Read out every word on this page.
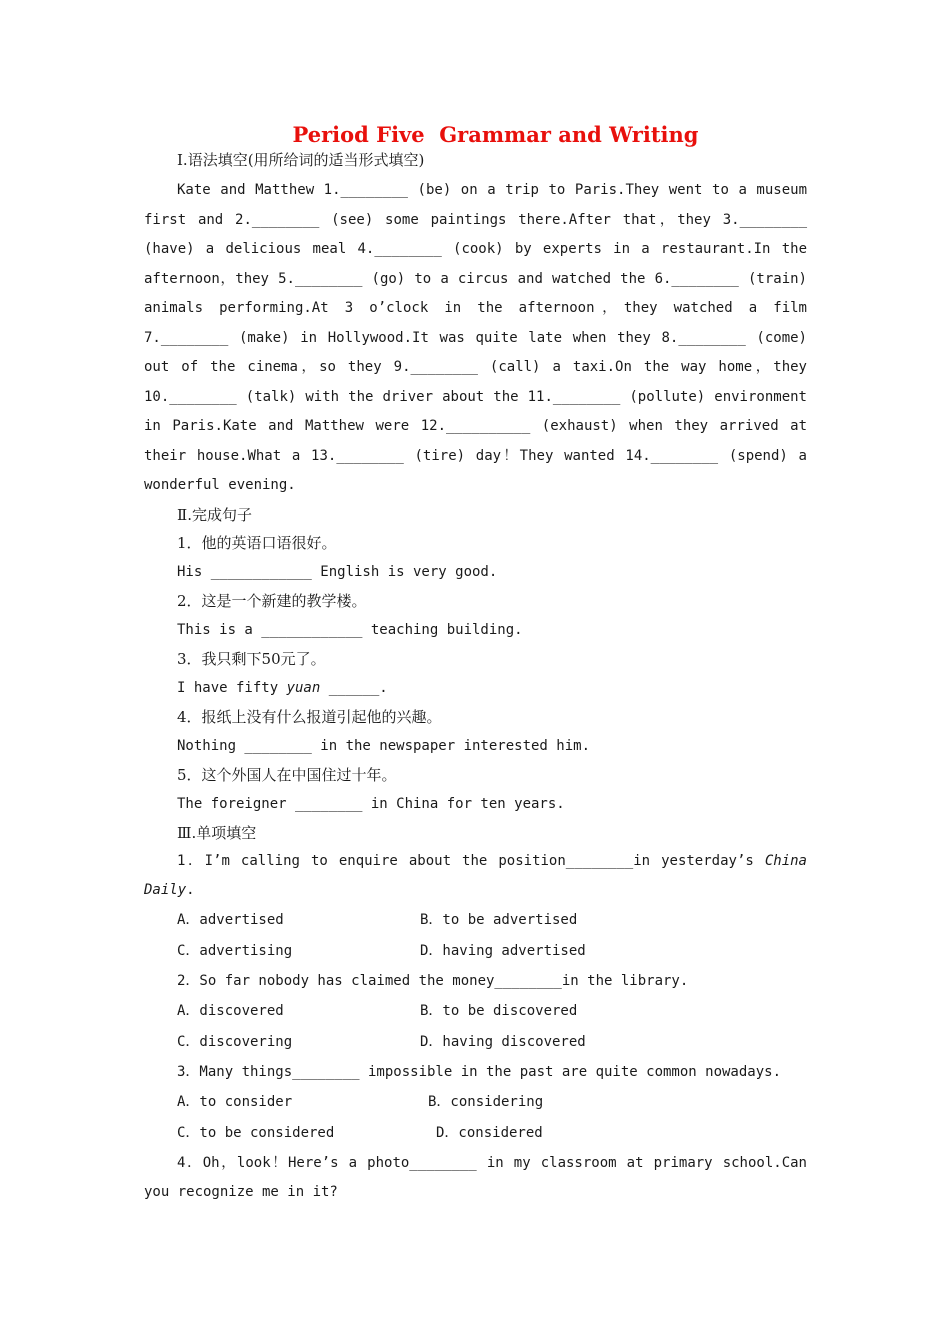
Period Five  Grammar and Writing
I.语法填空(用所给词的适当形式填空)
Kate and Matthew 1.________ (be) on a trip to Paris.They went to a museum first and 2.________ (see) some paintings there.After that，they 3.________ (have) a delicious meal 4.________ (cook) by experts in a restaurant.In the afternoon，they 5.________ (go) to a circus and watched the 6.________ (train) animals performing.At 3 o’clock in the afternoon，they watched a film 7.________ (make) in Hollywood.It was quite late when they 8.________ (come) out of the cinema，so they 9.________ (call) a taxi.On the way home，they 10.________ (talk) with the driver about the 11.________ (pollute) environment in Paris.Kate and Matthew were 12.__________ (exhaust) when they arrived at their house.What a 13.________ (tire) day！They wanted 14.________ (spend) a wonderful evening.
Ⅱ.完成句子
1．他的英语口语很好。
His ____________ English is very good.
2．这是一个新建的教学楼。
This is a ____________ teaching building.
3．我只剩下50元了。
I have fifty yuan ______.
4．报纸上没有什么报道引起他的兴趣。
Nothing ________ in the newspaper interested him.
5．这个外国人在中国住过十年。
The foreigner ________ in China for ten years.
Ⅲ.单项填空
1．I’m calling to enquire about the position________in yesterday’s China Daily.
A．advertised	B．to be advertised
C．advertising	D．having advertised
2．So far nobody has claimed the money________in the library.
A．discovered	B．to be discovered
C．discovering	D．having discovered
3．Many things________ impossible in the past are quite common nowadays.
A．to consider	B．considering
C．to be considered	D．considered
4．Oh，look！Here’s a photo________ in my classroom at primary school.Can you recognize me in it?
